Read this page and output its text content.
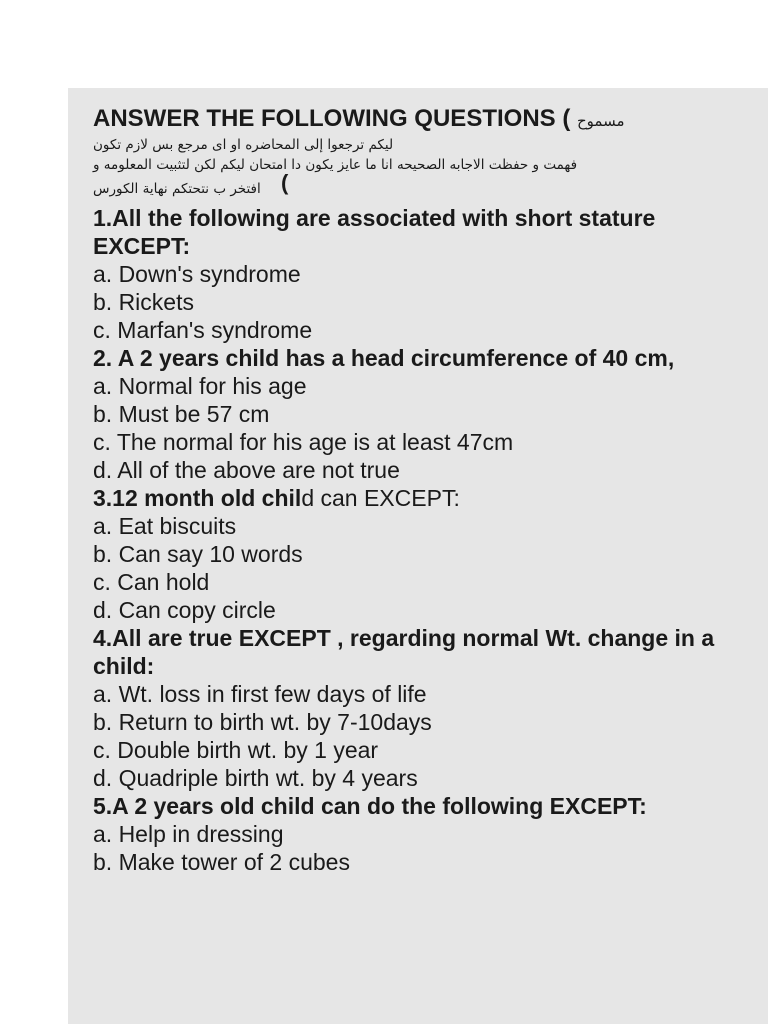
ANSWER THE FOLLOWING QUESTIONS ( مسموح
ليكم ترجعوا إلى المحاضره او اى مرجع بس لازم تكون
فهمت و حفظت الاجابه الصحيحه انا ما عايز يكون دا امتحان ليكم لكن لتثبيت المعلومه و
افتخر ب نتحتكم نهاية الكورس )
1.All the following are associated with short stature EXCEPT:
a. Down's syndrome
b. Rickets
c. Marfan's syndrome
2. A 2 years child has a head circumference of 40 cm,
a. Normal for his age
b. Must be 57 cm
c. The normal for his age is at least 47cm
d. All of the above are not true
3.12 month old child can EXCEPT:
a. Eat biscuits
b. Can say 10 words
c. Can hold
d. Can copy circle
4.All are true EXCEPT , regarding normal Wt. change in a child:
a. Wt. loss in first few days of life
b. Return to birth wt. by 7-10days
c. Double birth wt. by 1 year
d. Quadriple birth wt. by 4 years
5.A 2 years old child can do the following EXCEPT:
a. Help in dressing
b. Make tower of 2 cubes
